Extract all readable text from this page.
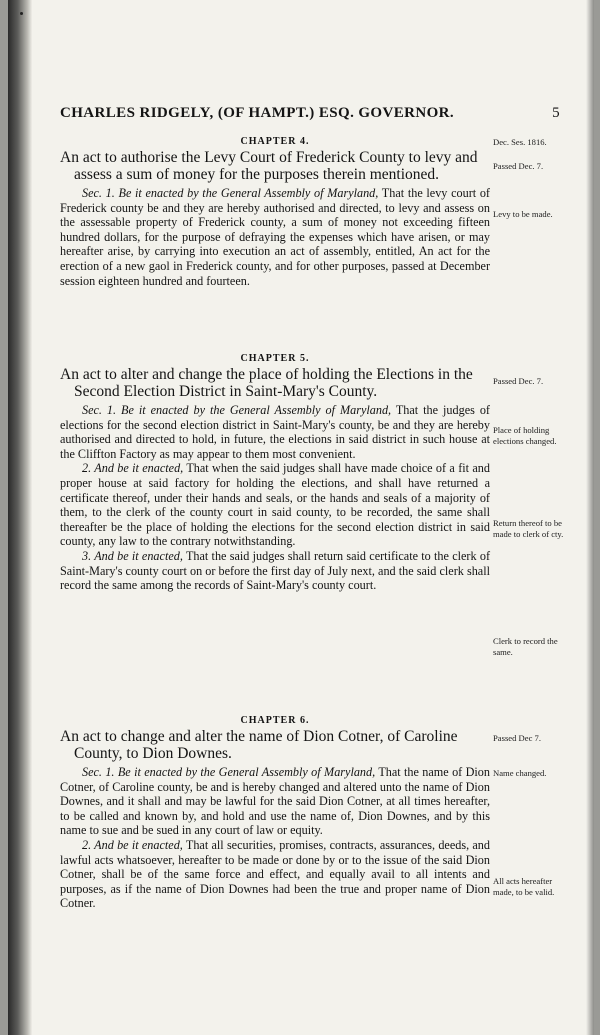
CHARLES RIDGELY, (OF HAMPT.) ESQ. GOVERNOR.	5
CHAPTER 4.

An act to authorise the Levy Court of Frederick County to levy and assess a sum of money for the purposes therein mentioned.

Sec. 1. Be it enacted by the General Assembly of Maryland, That the levy court of Frederick county be and they are hereby authorised and directed, to levy and assess on the assessable property of Frederick county, a sum of money not exceeding fifteen hundred dollars, for the purpose of defraying the expenses which have arisen, or may hereafter arise, by carrying into execution an act of assembly, entitled, An act for the erection of a new gaol in Frederick county, and for other purposes, passed at December session eighteen hundred and fourteen.

Dec. Ses. 1816.
Passed Dec. 7.
Levy to be made.
CHAPTER 5.

An act to alter and change the place of holding the Elections in the Second Election District in Saint-Mary's County.

Sec. 1. Be it enacted by the General Assembly of Maryland, That the judges of elections for the second election district in Saint-Mary's county, be and they are hereby authorised and directed to hold, in future, the elections in said district in such house at the Cliffton Factory as may appear to them most convenient.

2. And be it enacted, That when the said judges shall have made choice of a fit and proper house at said factory for holding the elections, and shall have returned a certificate thereof, under their hands and seals, or the hands and seals of a majority of them, to the clerk of the county court in said county, to be recorded, the same shall thereafter be the place of holding the elections for the second election district in said county, any law to the contrary notwithstanding.

3. And be it enacted, That the said judges shall return said certificate to the clerk of Saint-Mary's county court on or before the first day of July next, and the said clerk shall record the same among the records of Saint-Mary's county court.

Passed Dec. 7.
Place of holding elections changed.
Return thereof to be made to clerk of cty.
Clerk to record the same.
CHAPTER 6.

An act to change and alter the name of Dion Cotner, of Caroline County, to Dion Downes.

Sec. 1. Be it enacted by the General Assembly of Maryland, That the name of Dion Cotner, of Caroline county, be and is hereby changed and altered unto the name of Dion Downes, and it shall and may be lawful for the said Dion Cotner, at all times hereafter, to be called and known by, and hold and use the name of, Dion Downes, and by this name to sue and be sued in any court of law or equity.

2. And be it enacted, That all securities, promises, contracts, assurances, deeds, and lawful acts whatsoever, hereafter to be made or done by or to the issue of the said Dion Cotner, shall be of the same force and effect, and equally avail to all intents and purposes, as if the name of Dion Downes had been the true and proper name of Dion Cotner.

Passed Dec 7.
Name changed.
All acts hereafter made, to be valid.
